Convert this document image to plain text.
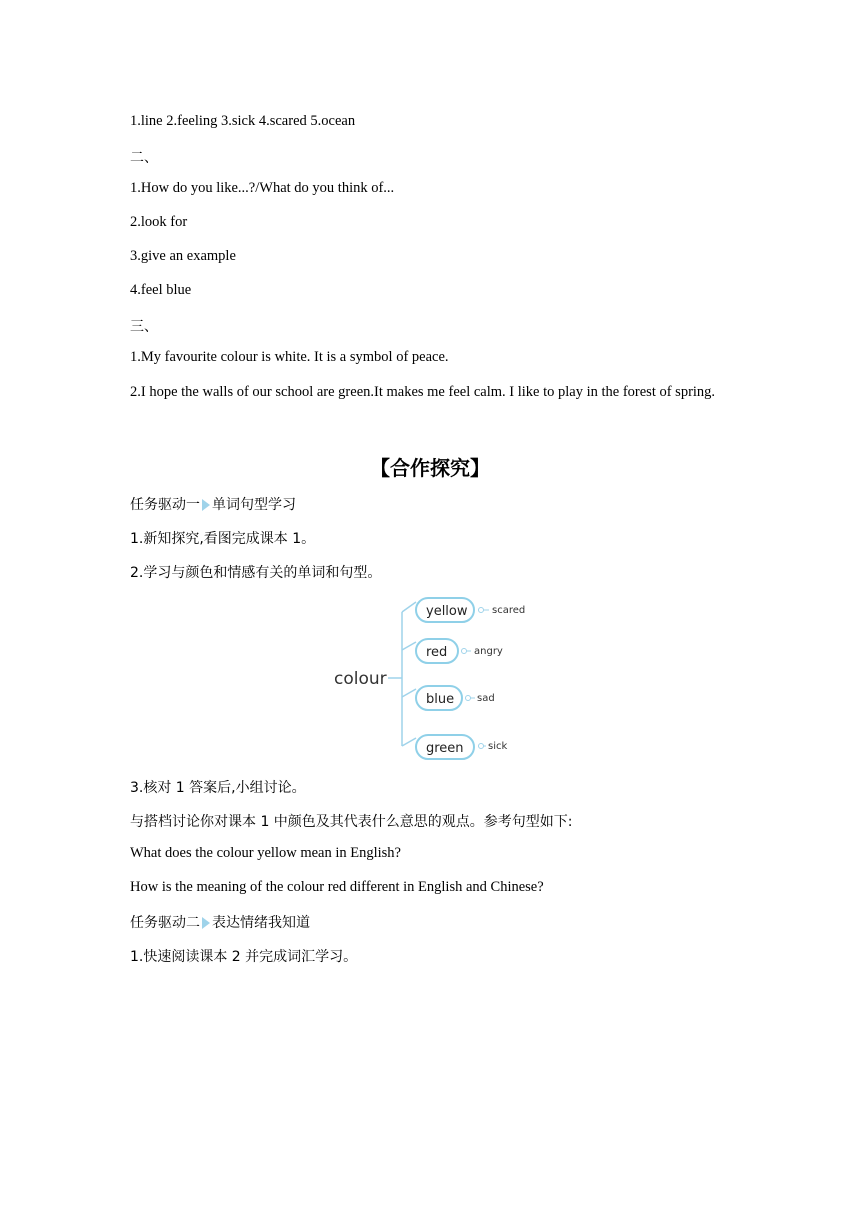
1.line 2.feeling 3.sick 4.scared 5.ocean
二、
1.How do you like...?/What do you think of...
2.look for
3.give an example
4.feel blue
三、
1.My favourite colour is white. It is a symbol of peace.
2.I hope the walls of our school are green.It makes me feel calm. I like to play in the forest of spring.
【合作探究】
任务驱动一 单词句型学习
1.新知探究,看图完成课本 1。
2.学习与颜色和情感有关的单词和句型。
colour
yellow scared
red	angry
blue sad
green sick
3.核对 1 答案后,小组讨论。
与搭档讨论你对课本 1 中颜色及其代表什么意思的观点。参考句型如下:
What does the colour yellow mean in English?
How is the meaning of the colour red different in English and Chinese?
任务驱动二 表达情绪我知道
1.快速阅读课本 2 并完成词汇学习。
